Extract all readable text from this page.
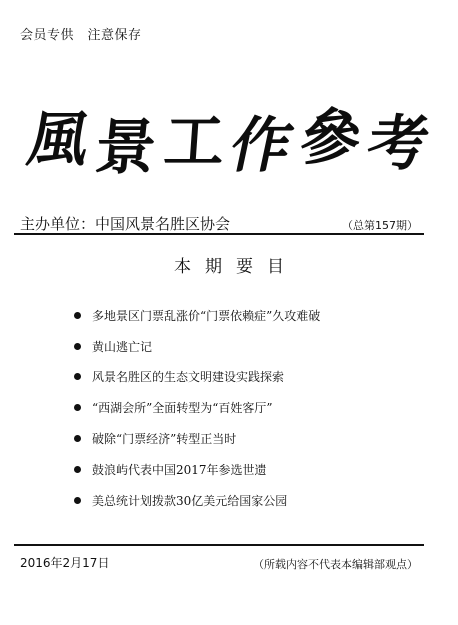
会员专供　注意保存
風
景 工
作
參
考
主办单位：中国风景名胜区协会	（总第157期）
本期要目
多地景区门票乱涨价“门票依赖症”久攻难破
黄山逃亡记
风景名胜区的生态文明建设实践探索
“西湖会所”全面转型为“百姓客厅”
破除“门票经济”转型正当时
鼓浪屿代表中国2017年参选世遗
美总统计划拨款30亿美元给国家公园
2016年2月17日	（所载内容不代表本编辑部观点）
